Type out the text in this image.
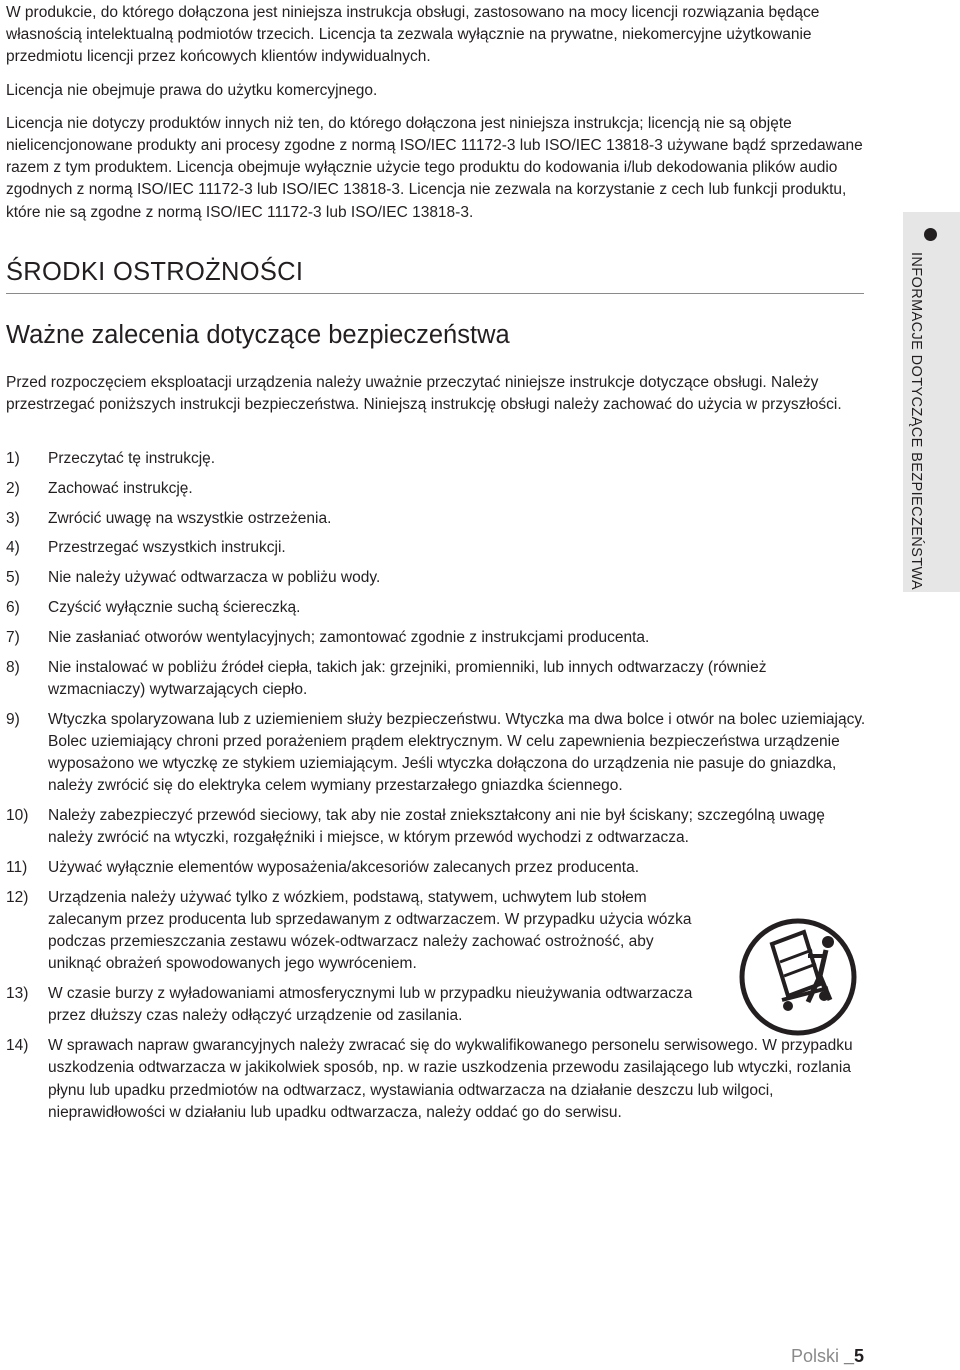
W produkcie, do którego dołączona jest niniejsza instrukcja obsługi, zastosowano na mocy licencji rozwiązania będące własnością intelektualną podmiotów trzecich. Licencja ta zezwala wyłącznie na prywatne, niekomercyjne użytkowanie przedmiotu licencji przez końcowych klientów indywidualnych.

Licencja nie obejmuje prawa do użytku komercyjnego.

Licencja nie dotyczy produktów innych niż ten, do którego dołączona jest niniejsza instrukcja; licencją nie są objęte nielicencjonowane produkty ani procesy zgodne z normą ISO/IEC 11172-3 lub ISO/IEC 13818-3 używane bądź sprzedawane razem z tym produktem. Licencja obejmuje wyłącznie użycie tego produktu do kodowania i/lub dekodowania plików audio zgodnych z normą ISO/IEC 11172-3 lub ISO/IEC 13818-3. Licencja nie zezwala na korzystanie z cech lub funkcji produktu, które nie są zgodne z normą ISO/IEC 11172-3 lub ISO/IEC 13818-3.

ŚRODKI OSTROŻNOŚCI
Ważne zalecenia dotyczące bezpieczeństwa

Przed rozpoczęciem eksploatacji urządzenia należy uważnie przeczytać niniejsze instrukcje dotyczące obsługi. Należy przestrzegać poniższych instrukcji bezpieczeństwa. Niniejszą instrukcję obsługi należy zachować do użycia w przyszłości.

1) Przeczytać tę instrukcję.
2) Zachować instrukcję.
3) Zwrócić uwagę na wszystkie ostrzeżenia.
4) Przestrzegać wszystkich instrukcji.
5) Nie należy używać odtwarzacza w pobliżu wody.
6) Czyścić wyłącznie suchą ściereczką.
7) Nie zasłaniać otworów wentylacyjnych; zamontować zgodnie z instrukcjami producenta.
8) Nie instalować w pobliżu źródeł ciepła, takich jak: grzejniki, promienniki, lub innych odtwarzaczy (również wzmacniaczy) wytwarzających ciepło.
9) Wtyczka spolaryzowana lub z uziemieniem służy bezpieczeństwu. Wtyczka ma dwa bolce i otwór na bolec uziemiający. Bolec uziemiający chroni przed porażeniem prądem elektrycznym. W celu zapewnienia bezpieczeństwa urządzenie wyposażono we wtyczkę ze stykiem uziemiającym. Jeśli wtyczka dołączona do urządzenia nie pasuje do gniazdka, należy zwrócić się do elektryka celem wymiany przestarzałego gniazdka ściennego.
10) Należy zabezpieczyć przewód sieciowy, tak aby nie został zniekształcony ani nie był ściskany; szczególną uwagę należy zwrócić na wtyczki, rozgałęźniki i miejsce, w którym przewód wychodzi z odtwarzacza.
11) Używać wyłącznie elementów wyposażenia/akcesoriów zalecanych przez producenta.
12) Urządzenia należy używać tylko z wózkiem, podstawą, statywem, uchwytem lub stołem zalecanym przez producenta lub sprzedawanym z odtwarzaczem. W przypadku użycia wózka podczas przemieszczania zestawu wózek-odtwarzacz należy zachować ostrożność, aby uniknąć obrażeń spowodowanych jego wywróceniem.
13) W czasie burzy z wyładowaniami atmosferycznymi lub w przypadku nieużywania odtwarzacza przez dłuższy czas należy odłączyć urządzenie od zasilania.
14) W sprawach napraw gwarancyjnych należy zwracać się do wykwalifikowanego personelu serwisowego. W przypadku uszkodzenia odtwarzacza w jakikolwiek sposób, np. w razie uszkodzenia przewodu zasilającego lub wtyczki, rozlania płynu lub upadku przedmiotów na odtwarzacz, wystawiania odtwarzacza na działanie deszczu lub wilgoci, nieprawidłowości w działaniu lub upadku odtwarzacza, należy oddać go do serwisu.
INFORMACJE DOTYCZĄCE BEZPIECZEŃSTWA
Polski _5
